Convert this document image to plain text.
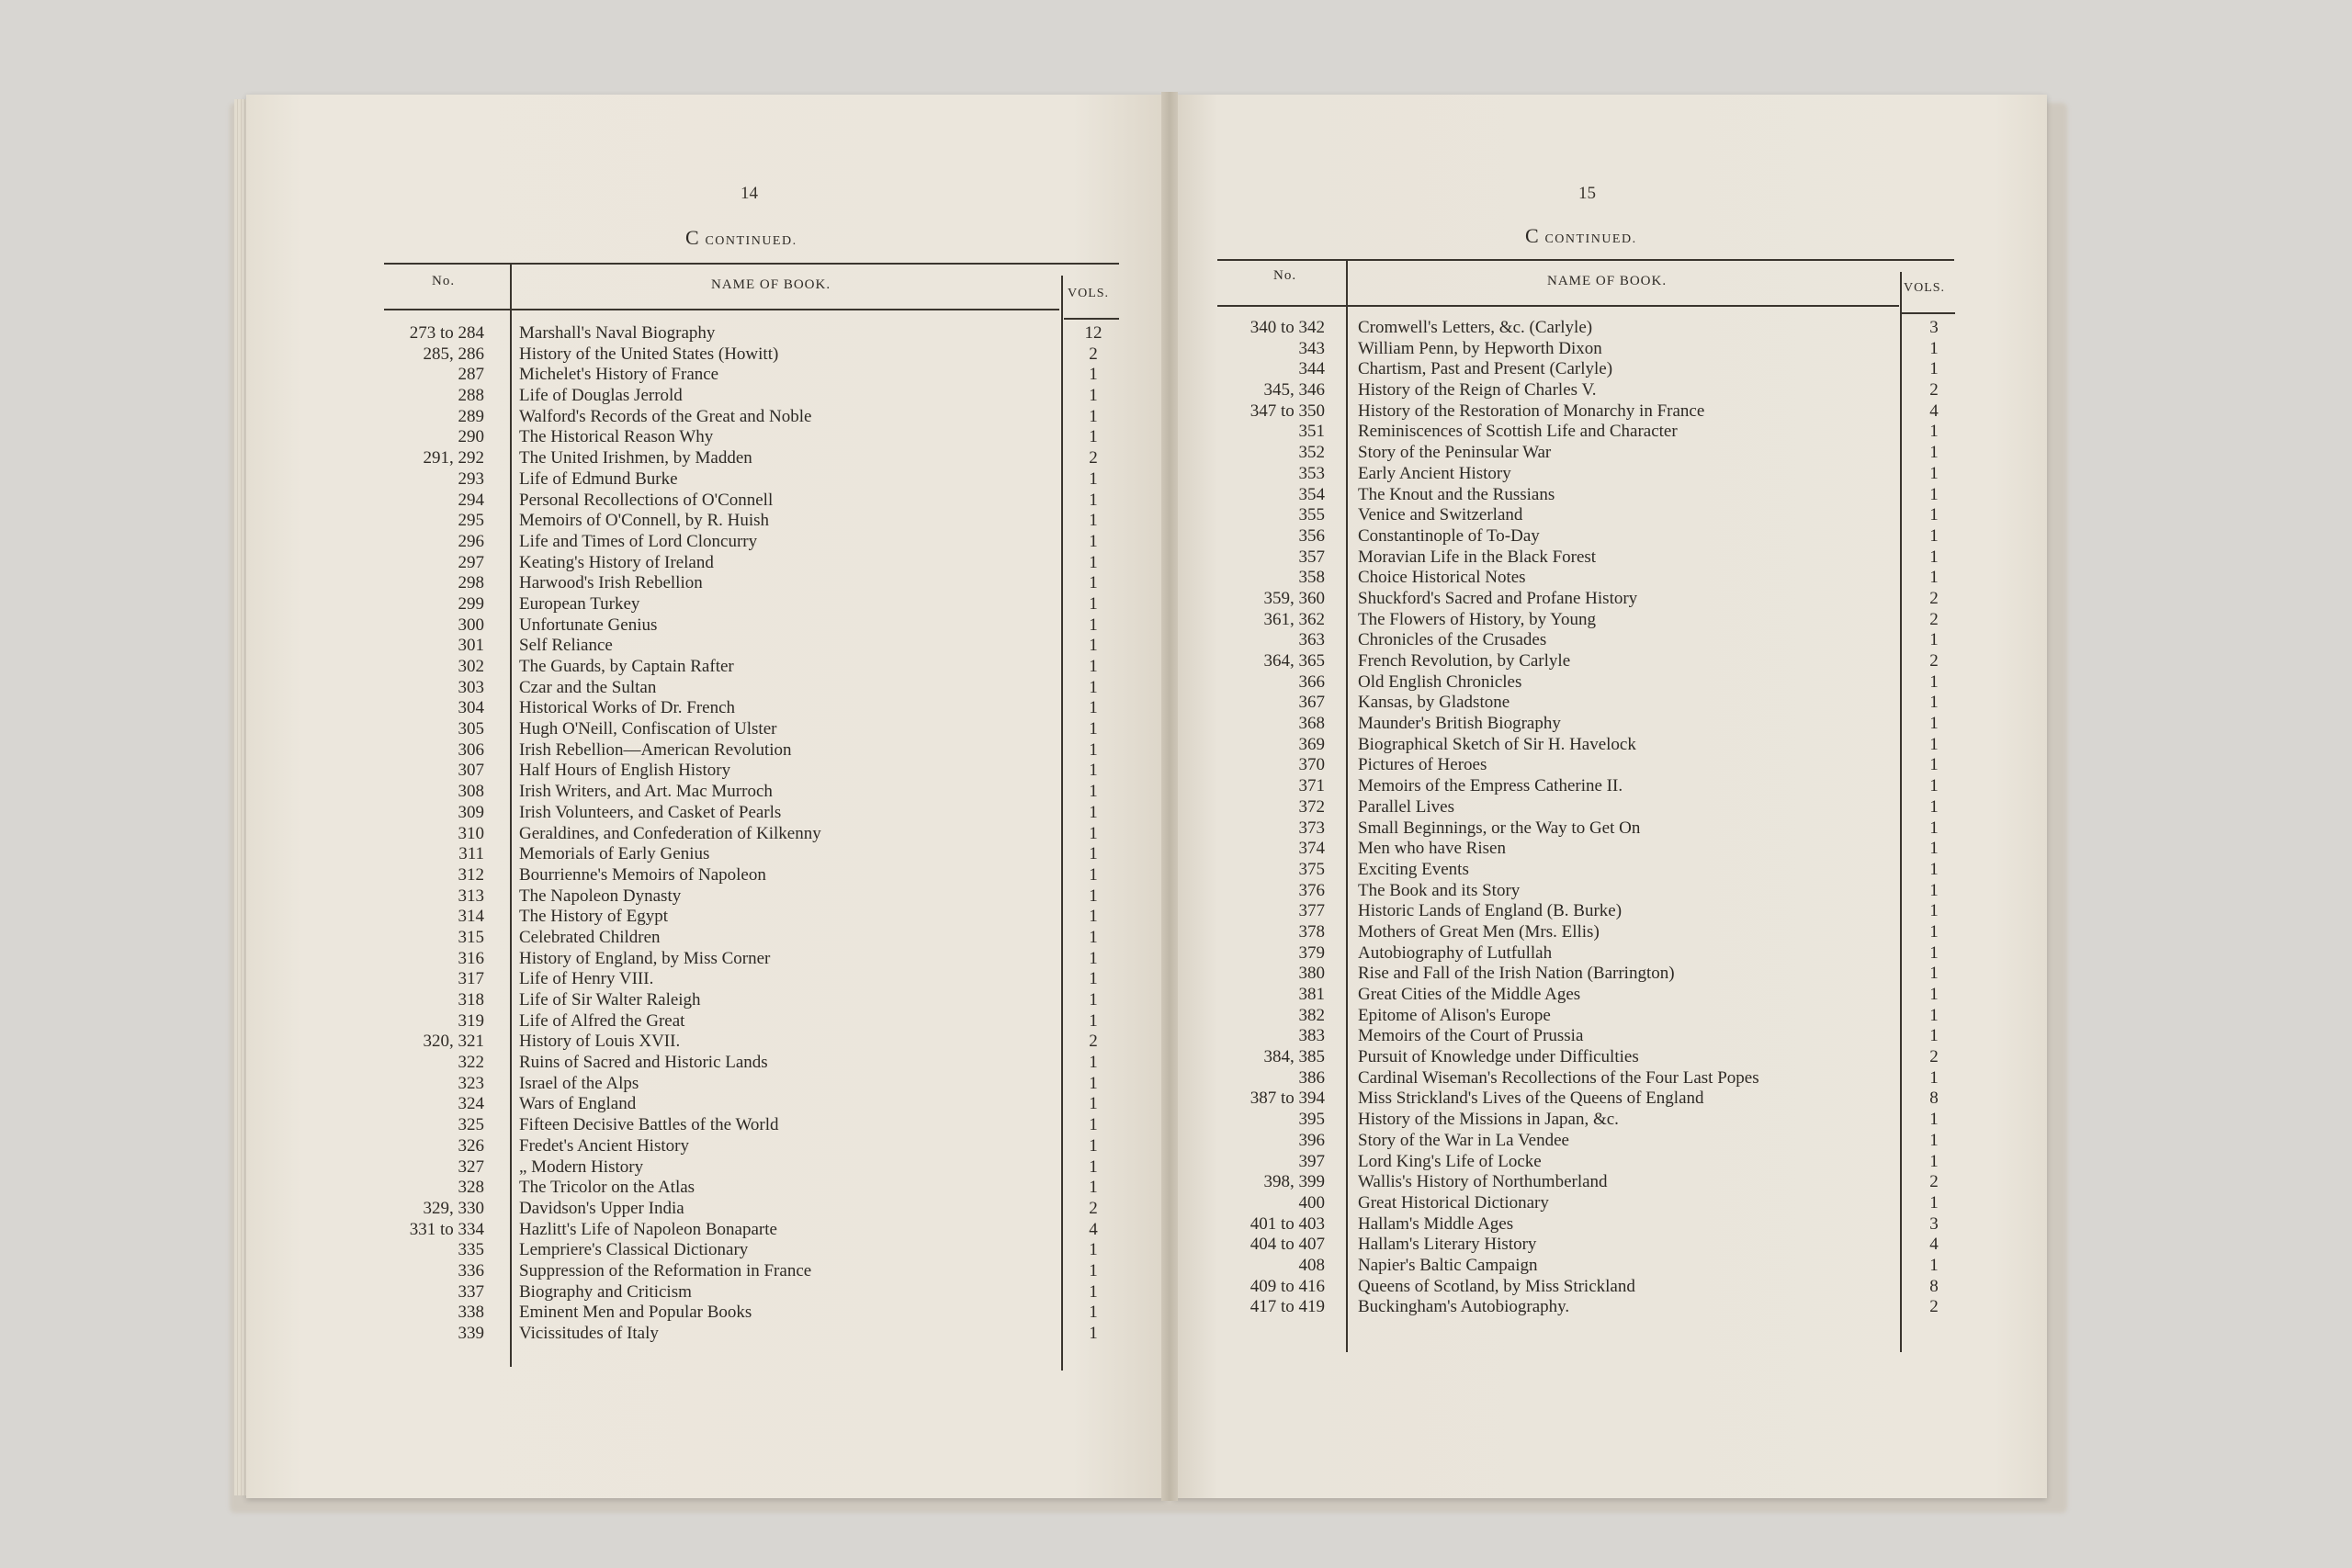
14
C CONTINUED.
No.	NAME OF BOOK.
VOLS.
273 to 284 Marshall's Naval Biography	12
285, 286 History of the United States (Howitt)	2
287 Michelet's History of France	1
288 Life of Douglas Jerrold	1
289 Walford's Records of the Great and Noble	1
290 The Historical Reason Why	1
291, 292 The United Irishmen, by Madden	2
293 Life of Edmund Burke	1
294 Personal Recollections of O'Connell	1
295 Memoirs of O'Connell, by R. Huish	1
296 Life and Times of Lord Cloncurry	1
297 Keating's History of Ireland	1
298 Harwood's Irish Rebellion	1
299 European Turkey	1
300 Unfortunate Genius	1
301 Self Reliance	1
302 The Guards, by Captain Rafter	1
303 Czar and the Sultan	1
304 Historical Works of Dr. French	1
305 Hugh O'Neill, Confiscation of Ulster	1
306 Irish Rebellion—American Revolution	1
307 Half Hours of English History	1
308 Irish Writers, and Art. Mac Murroch	1
309 Irish Volunteers, and Casket of Pearls	1
310 Geraldines, and Confederation of Kilkenny	1
311 Memorials of Early Genius	1
312 Bourrienne's Memoirs of Napoleon	1
313 The Napoleon Dynasty	1
314 The History of Egypt	1
315 Celebrated Children	1
316 History of England, by Miss Corner	1
317 Life of Henry VIII.	1
318 Life of Sir Walter Raleigh	1
319 Life of Alfred the Great	1
320, 321 History of Louis XVII.	2
322 Ruins of Sacred and Historic Lands	1
323 Israel of the Alps	1
324 Wars of England	1
325 Fifteen Decisive Battles of the World	1
326 Fredet's Ancient History	1
327 „ Modern History	1
328 The Tricolor on the Atlas	1
329, 330 Davidson's Upper India	2
331 to 334 Hazlitt's Life of Napoleon Bonaparte	4
335 Lempriere's Classical Dictionary	1
336 Suppression of the Reformation in France	1
337 Biography and Criticism	1
338 Eminent Men and Popular Books	1
339 Vicissitudes of Italy	1
15
C CONTINUED.
No.	NAME OF BOOK.	VOLS.
340 to 342 Cromwell's Letters, &c. (Carlyle)	3
343 William Penn, by Hepworth Dixon	1
344 Chartism, Past and Present (Carlyle)	1
345, 346 History of the Reign of Charles V.	2
347 to 350 History of the Restoration of Monarchy in France	4
351 Reminiscences of Scottish Life and Character	1
352 Story of the Peninsular War	1
353 Early Ancient History	1
354 The Knout and the Russians	1
355 Venice and Switzerland	1
356 Constantinople of To-Day	1
357 Moravian Life in the Black Forest	1
358 Choice Historical Notes	1
359, 360 Shuckford's Sacred and Profane History	2
361, 362 The Flowers of History, by Young	2
363 Chronicles of the Crusades	1
364, 365 French Revolution, by Carlyle	2
366 Old English Chronicles	1
367 Kansas, by Gladstone	1
368 Maunder's British Biography	1
369 Biographical Sketch of Sir H. Havelock	1
370 Pictures of Heroes	1
371 Memoirs of the Empress Catherine II.	1
372 Parallel Lives	1
373 Small Beginnings, or the Way to Get On	1
374 Men who have Risen	1
375 Exciting Events	1
376 The Book and its Story	1
377 Historic Lands of England (B. Burke)	1
378 Mothers of Great Men (Mrs. Ellis)	1
379 Autobiography of Lutfullah	1
380 Rise and Fall of the Irish Nation (Barrington)	1
381 Great Cities of the Middle Ages	1
382 Epitome of Alison's Europe	1
383 Memoirs of the Court of Prussia	1
384, 385 Pursuit of Knowledge under Difficulties	2
386 Cardinal Wiseman's Recollections of the Four Last Popes	1
387 to 394 Miss Strickland's Lives of the Queens of England	8
395 History of the Missions in Japan, &c.	1
396 Story of the War in La Vendee	1
397 Lord King's Life of Locke	1
398, 399 Wallis's History of Northumberland	2
400 Great Historical Dictionary	1
401 to 403 Hallam's Middle Ages	3
404 to 407 Hallam's Literary History	4
408 Napier's Baltic Campaign	1
409 to 416 Queens of Scotland, by Miss Strickland	8
417 to 419 Buckingham's Autobiography.	2
